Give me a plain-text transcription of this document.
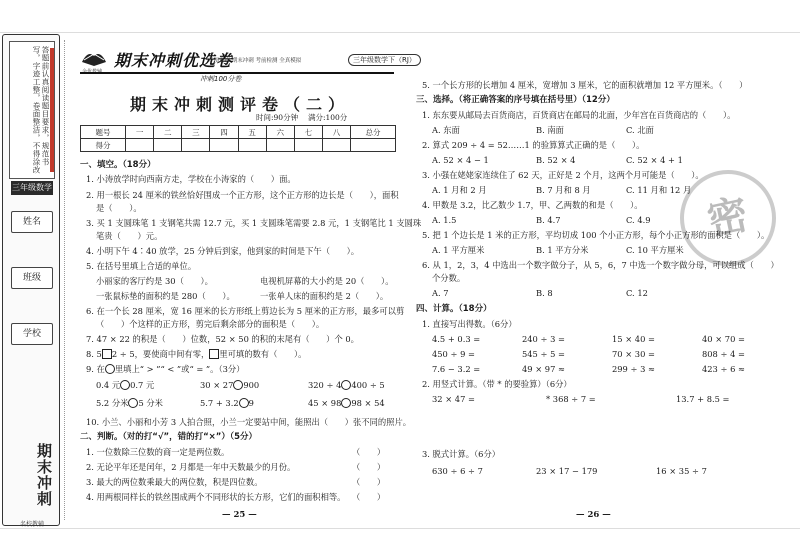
答题前认真阅读题目要求，规范书写，字迹工整，卷面整洁，不得涂改
三年级数学
姓名
班级
学校
期末冲刺
名校教辅
期末冲刺优选卷
专项训练 期末冲刺 考前检测 全真模拟	三年级数学下（RJ）
冲刺100分卷
期末冲刺测评卷（二）
时间:90分钟　 满分:100分
题号	一	二	三	四	五	六	七	八	总分
得分									
一、填空。（18分）
1. 小涛放学时向西南方走，学校在小涛家的（　　）面。
2. 用一根长 24 厘米的铁丝恰好围成一个正方形，这个正方形的边长是（　　），面积
是（　　）。
3. 买 1 支圆珠笔 1 支钢笔共需 12.7 元，买 1 支圆珠笔需要 2.8 元，1 支钢笔比 1 支圆珠
笔贵（　　）元。
4. 小明下午 4∶40 放学，25 分钟后到家，他到家的时间是下午（　　）。
5. 在括号里填上合适的单位。
小丽家的客厅约是 30（　　）。	电视机屏幕的大小约是 20（　　）。
一张鼠标垫的面积约是 280（　　）。	一张单人床的面积约是 2（　　）。
6. 在一个长 28 厘米，宽 16 厘米的长方形纸上剪边长为 5 厘米的正方形，最多可以剪
（　　）个这样的正方形，剪完后剩余部分的面积是（　　）。
7. 47 × 22 的积是（　　）位数，52 × 50 的积的末尾有（　　）个 0。
8. 5 2 ÷ 5，要使商中间有零， 里可填的数有（　　）。
9. 在 里填上“ > ”“ < ”或“ = ”。（3分）
0.4 元 0.7 元	30 × 27 900	320 ÷ 4 400 ÷ 5
5.2 分米 5 分米	5.7 + 3.2 9	45 × 98 98 × 54
10. 小兰、小丽和小芳 3 人拍合照，小兰一定要站中间，能照出（　　）张不同的照片。
二、判断。（对的打“√”，错的打“×”）（5分）
1. 一位数除三位数的商一定是两位数。	（　　）
2. 无论平年还是闰年，2 月都是一年中天数最少的月份。	（　　）
3. 最大的两位数乘最大的两位数，积是四位数。	（　　）
4. 用两根同样长的铁丝围成两个不同形状的长方形，它们的面积相等。 （　　）
— 25 —
密
5. 一个长方形的长增加 4 厘米，宽增加 3 厘米，它的面积就增加 12 平方厘米。（　　）
三、选择。（将正确答案的序号填在括号里）（12分）
1. 东东要从邮局去百货商店，百货商店在邮局的北面，少年宫在百货商店的（　　）。
A. 东面	B. 南面	C. 北面
2. 算式 209 ÷ 4 = 52……1 的验算算式正确的是（　　）。
A. 52 × 4 − 1	B. 52 × 4	C. 52 × 4 + 1
3. 小强在姥姥家连续住了 62 天，正好是 2 个月，这两个月可能是（　　）。
A. 1 月和 2 月	B. 7 月和 8 月	C. 11 月和 12 月
4. 甲数是 3.2，比乙数少 1.7，甲、乙两数的和是（　　）。
A. 1.5	B. 4.7	C. 4.9
5. 把 1 个边长是 1 米的正方形，平均切成 100 个小正方形，每个小正方形的面积是（　　）。
A. 1 平方厘米	B. 1 平方分米	C. 10 平方厘米
6. 从 1，2，3，4 中选出一个数字做分子，从 5，6，7 中选一个数字做分母，可以组成（　　）
个分数。
A. 7	B. 8	C. 12
四、计算。（18分）
1. 直接写出得数。（6分）
4.5 + 0.3 =	240 ÷ 3 =	15 × 40 =	40 × 70 =
450 ÷ 9 =	545 ÷ 5 =	70 × 30 =	808 ÷ 4 =
7.6 − 3.2 =	49 × 97 ≈	299 ÷ 3 ≈	423 ÷ 6 ≈
2. 用竖式计算。（带 * 的要验算）（6分）
32 × 47 =	* 368 ÷ 7 =	13.7 + 8.5 =
3. 脱式计算。（6分）
630 ÷ 6 ÷ 7	23 × 17 − 179	16 × 35 ÷ 7
— 26 —
